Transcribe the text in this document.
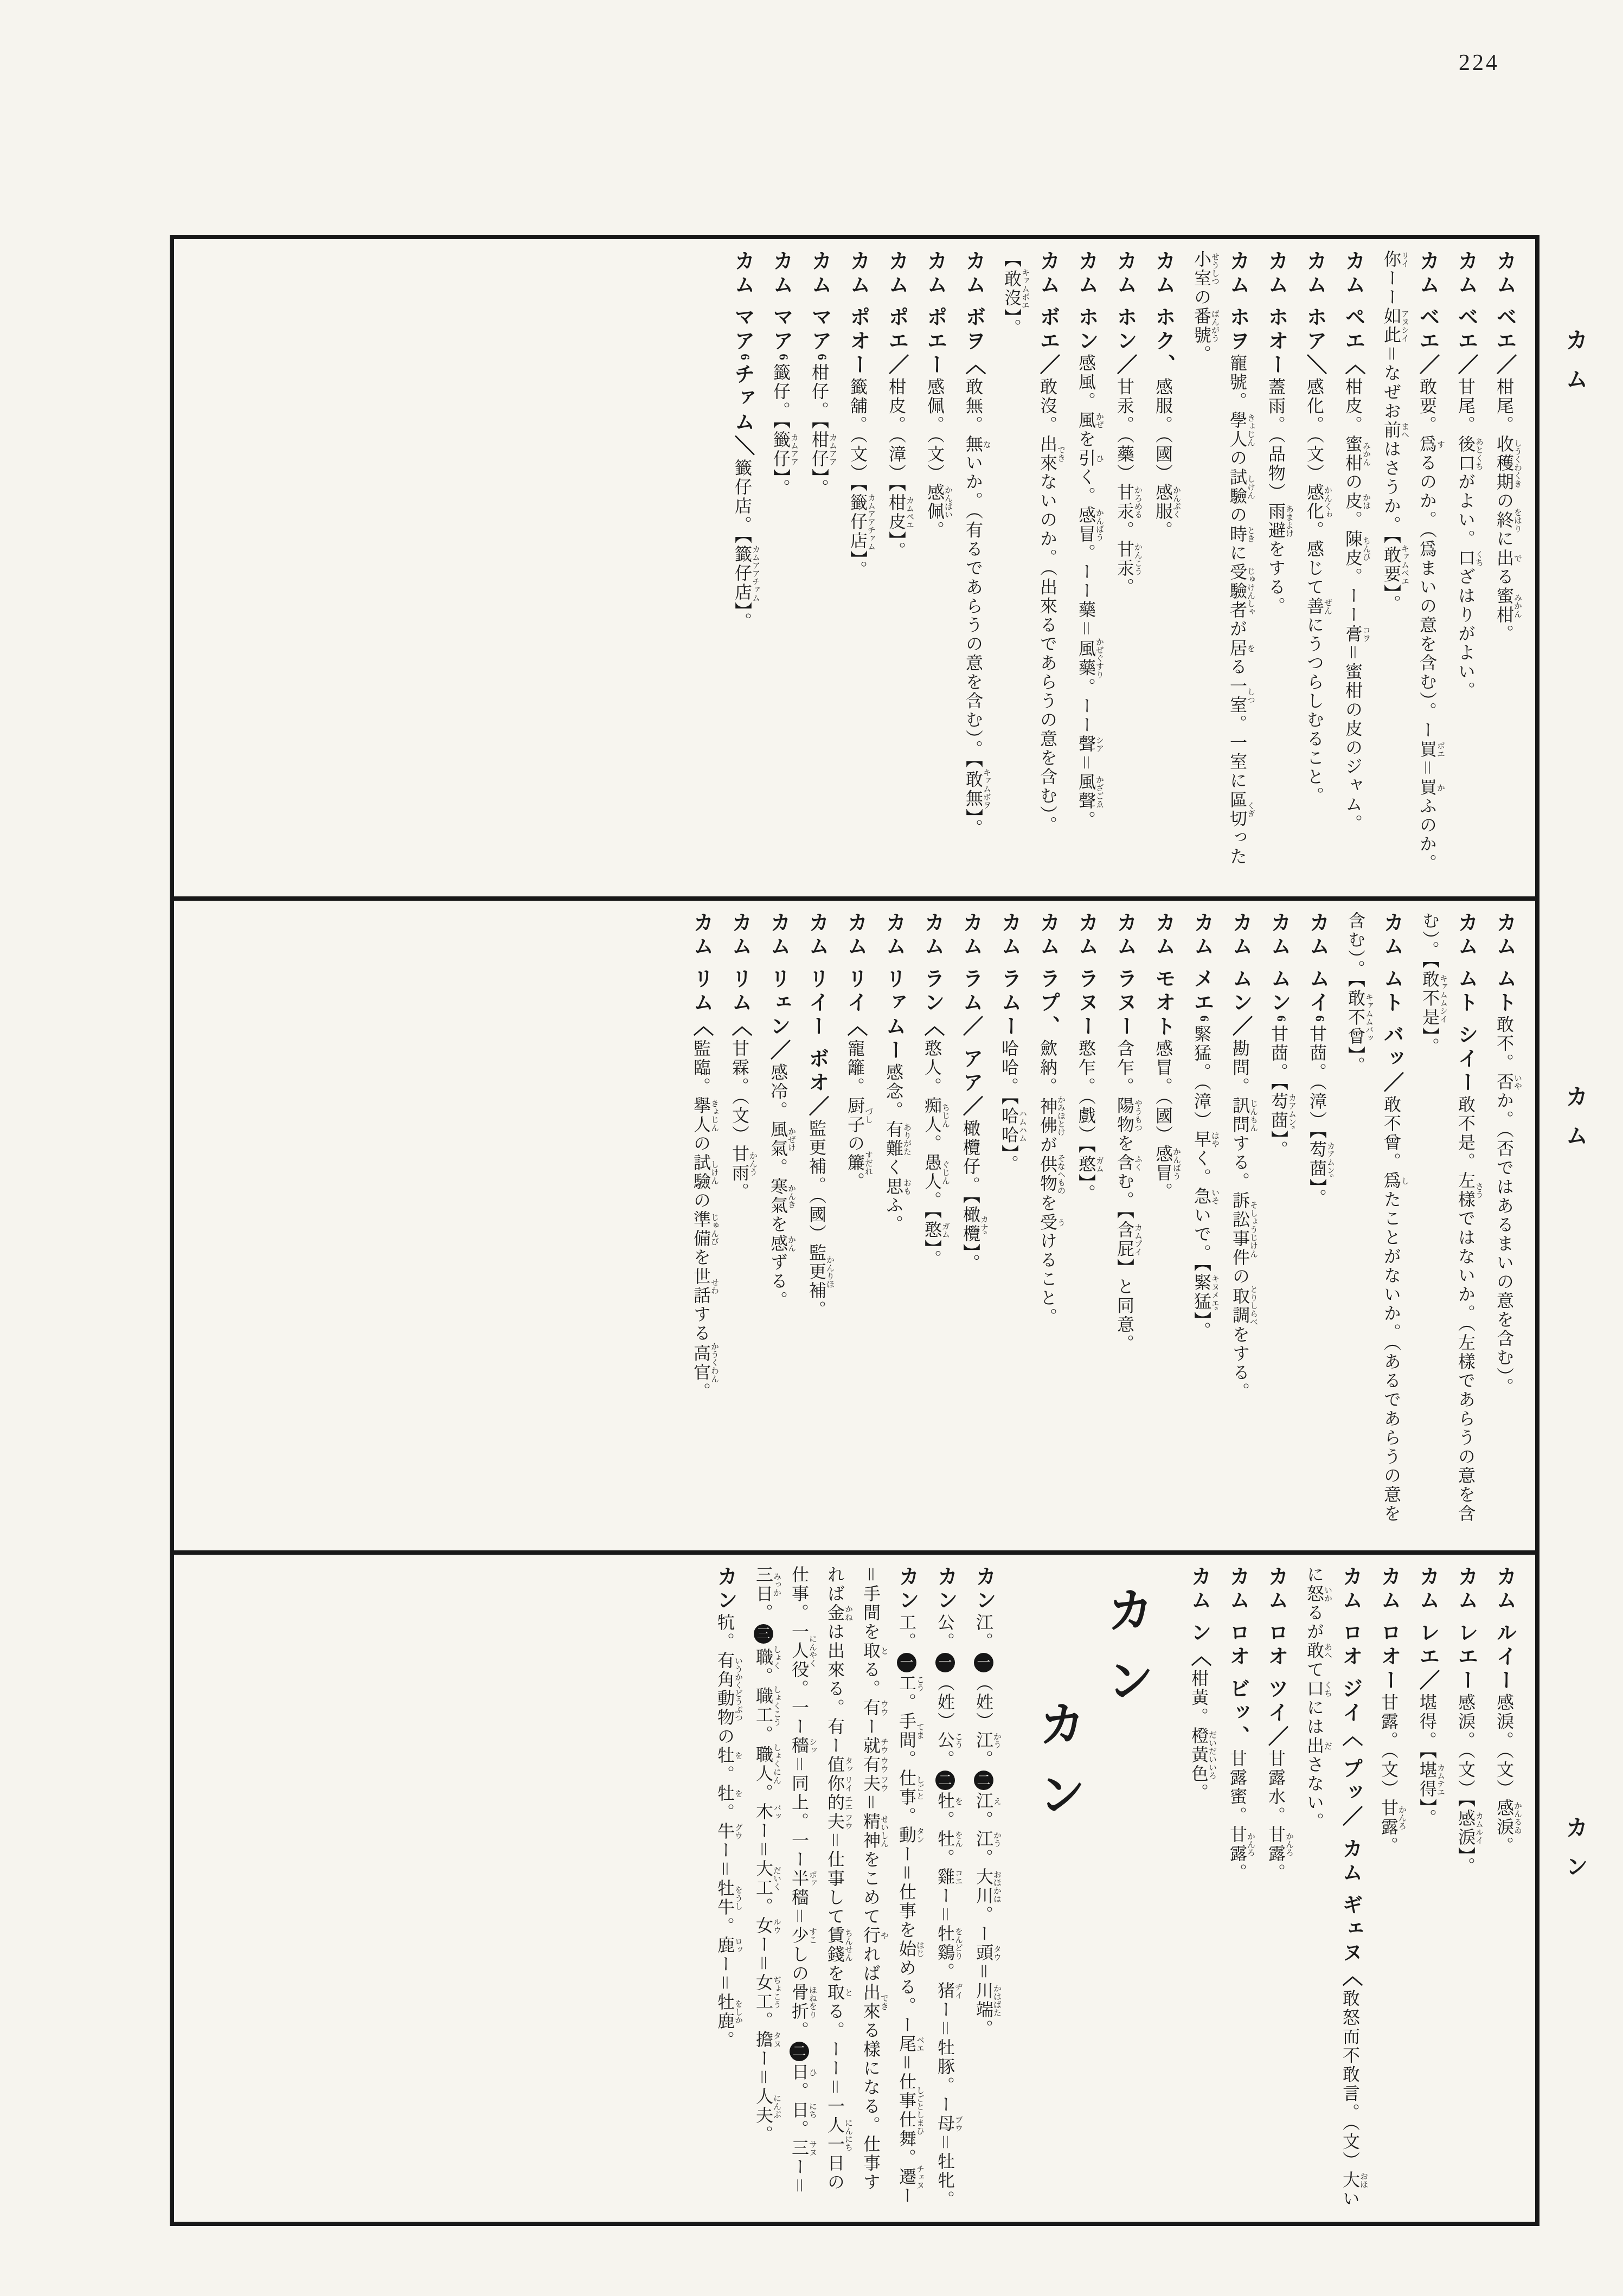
224
カム ベエ／柑尾。收穫期しうくわくきの終をはりに出でる蜜柑みかん。
カム ベエ／甘尾。後口あとくちがよい。口くちざはりがよい。
カム ベエ／敢要。爲するのか。（爲まいの意を含む）。ー買ボエ＝買かふのか。你リイーー如此アヌシイ＝なぜお前まへはさうか。【敢要キァムベエ】。
カム ペエ〈柑皮。蜜柑みかんの皮かは。陳皮ちんぴ。ーー膏コヲ＝蜜柑の皮のジャム。
カム ホア＼感化。（文）感化かんくゎ。感じて善ぜんにうつらしむること。
カム ホオー蓋雨。（品物）雨避あまよけをする。
カム ホヲ寵號。學人きょじんの試驗しけんの時ときに受驗者じゅけんしゃが居をる一室しつ。一室に區切くぎった小室せうしつの番號ばんがう。
カム ホク、感服。（國）感服かんぷく。
カム ホン／甘汞。（藥）甘汞かろめる。甘汞かんこう。
カム ホン感風。風かぜを引ひく。感冒かんばう。ーー藥＝風藥かぜぐすり。ーー聲シア＝風聲かざごゑ。
カム ボエ／敢沒。出來できないのか。（出來るであらうの意を含む）。【敢沒キァムボエ】。
カム ボヲ〈敢無。無ないか。（有るであらうの意を含む）。【敢無キァムボヲ】。
カム ポエー感佩。（文）感佩かんぱい。
カム ポエ／柑皮。（漳）【柑皮カムペエ】。
カム ポオー籤舖。（文）【籤仔店カムアアチァム】。
カム マア⁶柑仔。【柑仔カムアア】。
カム マア⁶籤仔。【籤仔カムアア】。
カム マア⁶チァム＼籤仔店。【籤仔店カムアアチァム】。
カム ムト敢不。否いやか。（否ではあるまいの意を含む）。
カム ムト シイー敢不是。左樣さうではないか。（左樣であらうの意を含む）。【敢不是キァムムシイ】。
カム ムト バッ／敢不曾。爲したことがないか。（あるであらうの意を含む）。【敢不曾キァムムバッ】。
カム ムイ⁶甘莔。（漳）【芶莔カアムン⁶】。
カム ムン⁶甘莔。【芶莔カアムン⁶】。
カム ムン／勘問。訊問じんもんする。訴訟事件そしょうじけんの取調とりしらべをする。
カム メエ⁶緊猛。（漳）早はやく。急いそいで。【緊猛キヌメエ⁶】。
カム モオト感冒。（國）感冒かんばう。
カム ラヌー含乍。陽物やうもつを含ふくむ。【含屁カムプイ】と同意。
カム ラヌー憨乍。（戲）【憨ガム】。
カム ラプ、歛納。神佛かみほとけが供物そなへものを受うけること。
カム ラムー哈哈。【哈哈ハムハム】。
カム ラム／ アア／橄欖仔。【橄欖カナ⁶】。
カム ラン〈憨人。痴人ちじん。愚人ぐじん。【憨ガム】。
カム リァムー感念。有難ありがたく思おもふ。
カム リイ〈寵籬。厨子づしの簾すだれ。
カム リイー ボオ／監更補。（國）監更補かんりほ。
カム リェン／感冷。風氣かぜけ。寒氣かんきを感かんずる。
カム リム〈甘霖。（文）甘雨かんう。
カム リム〈監臨。擧人きょじんの試驗しけんの準備じゅんびを世話せわする高官かうくわん。
カム ルイー感淚。（文）感淚かんるゐ。
カム レエー感淚。（文）【感淚カムルイ】。
カム レエ／堪得。【堪得カムテエ】。
カム ロオー甘露。（文）甘露かんろ。
カム ロオ ジイ〈 プッ／ カム ギェヌ〈敢怒而不敢言。（文）大おほいに怒いかるが敢あへて口くちには出ださない。
カム ロオ ツイ／甘露水。甘露かんろ。
カム ロオ ビッ、甘露蜜。甘露かんろ。
カム ン〈柑黃。橙黃色だいだいいろ。
カン
カン
カン江。一（姓）江かう。二江え。江かう。大川おほかは。ー頭タウ＝川端かはばた。
カン公。一（姓）公こう。二牡を。牡をん。雞コエー＝牡鷄をんどり。猪ヂイー＝牡豚。ー母ブウ＝牡牝。
カン工。一工こう。手間てま。仕事しごと。動タンー＝仕事を始はじめる。ー尾ベエ＝仕事仕舞しごとしまひ。遷チェヌー＝手間を取とる。有ウウー就チウ有ウウ夫フウ＝精神せいしんをこめて行やれば出來できる樣になる。仕事すれば金かねは出來る。有ー值タッ你リイ的エエ夫フウ＝仕事して賃錢ちんせんを取とる。ーー＝一人一日にんにちの仕事。一人役にんやく。一ー穡シッ＝同上。一ー半ポァ穡＝少すこしの骨折ほねをり。二日ひ。日にち。三サヌー＝三日みっか。三職しょく。職工しょくこう。職人しょくにん。木バッー＝大工だいく。女ルウー＝女工ぢょこう。擔タヌー＝人夫にんぷ。
カン牨。有角動物いうかくどうぶつの牡を。牡を。牛グウー＝牡牛をうし。鹿ロッー＝牡鹿をしか。
カム
カム
カン
